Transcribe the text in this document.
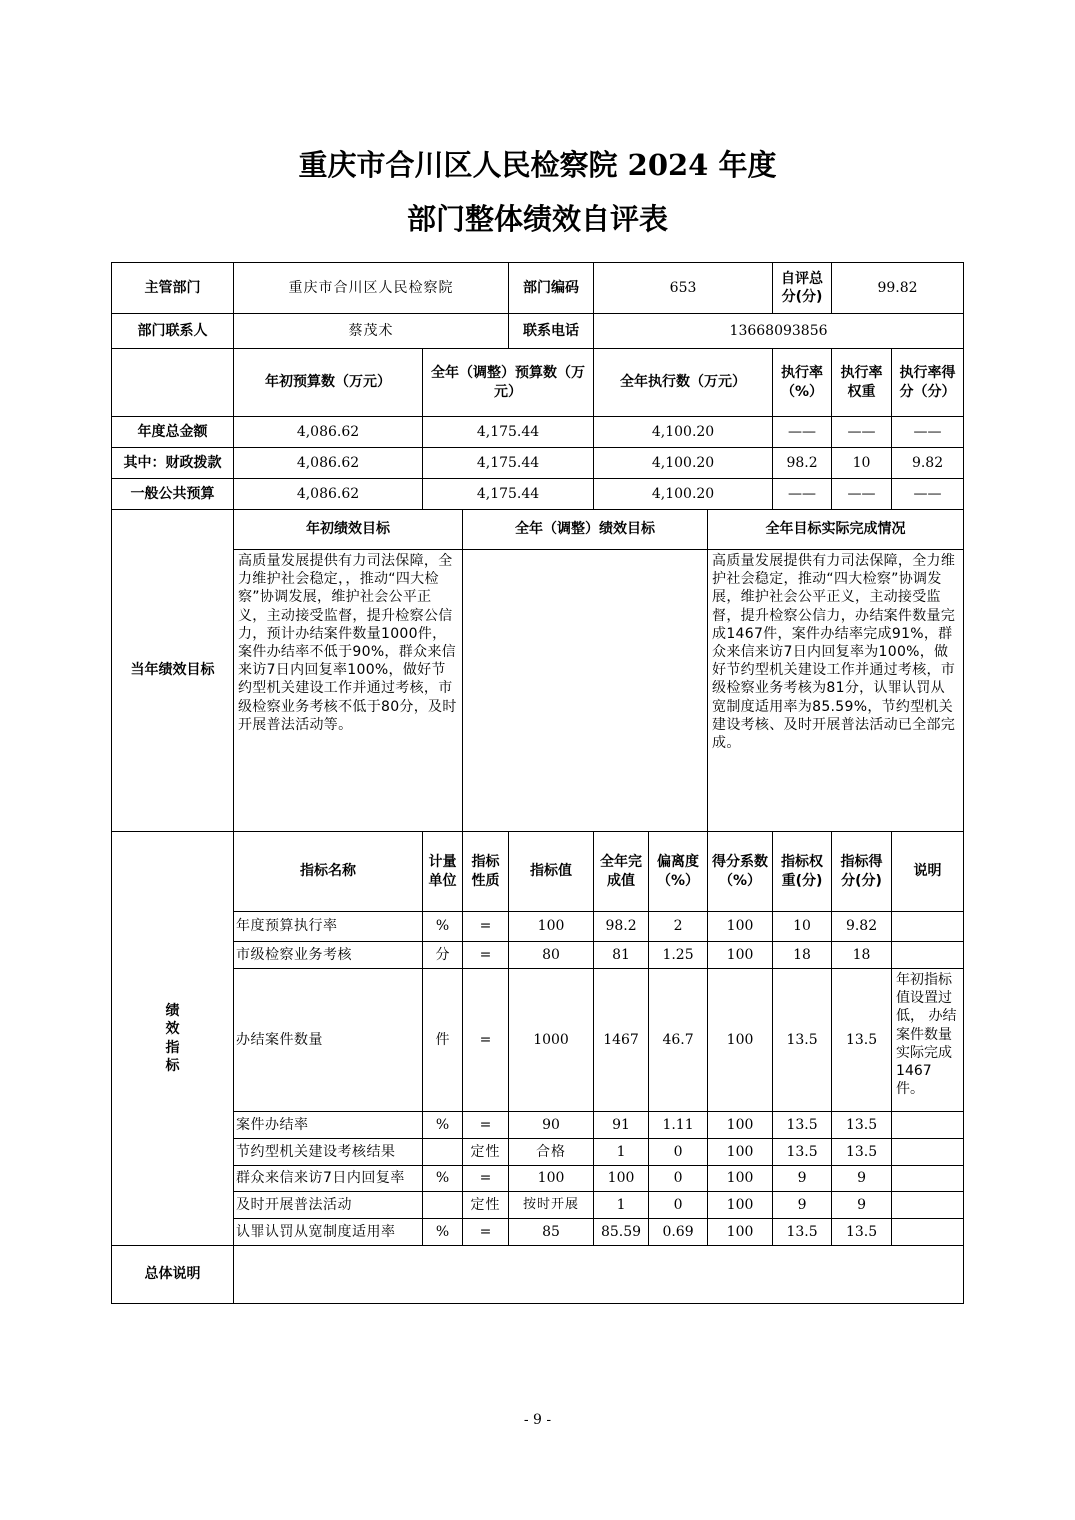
重庆市合川区人民检察院 2024 年度
部门整体绩效自评表
主管部门	重庆市合川区人民检察院			部门编码	653			自评总分(分)	99.82	
部门联系人	蔡茂术			联系电话	13668093856					
	年初预算数（万元）	全年（调整）预算数（万元）			全年执行数（万元）			执行率（%）	执行率权重	执行率得分（分）
年度总金额	4,086.62	4,175.44			4,100.20			——	——	——
其中：财政拨款	4,086.62	4,175.44			4,100.20			98.2	10	9.82
一般公共预算	4,086.62	4,175.44			4,100.20			——	——	——
当年绩效目标	年初绩效目标		全年（调整）绩效目标				全年目标实际完成情况			
	高质量发展提供有力司法保障，全力维护社会稳定，，推动“四大检察”协调发展，维护社会公平正义，主动接受监督，提升检察公信力，预计办结案件数量1000件，案件办结率不低于90%，群众来信来访7日内回复率100%，做好节约型机关建设工作并通过考核，市级检察业务考核不低于80分，及时开展普法活动等。						高质量发展提供有力司法保障，全力维护社会稳定，推动“四大检察”协调发展，维护社会公平正义，主动接受监督，提升检察公信力，办结案件数量完成1467件，案件办结率完成91%，群众来信来访7日内回复率为100%，做好节约型机关建设工作并通过考核，市级检察业务考核为81分，认罪认罚从宽制度适用率为85.59%，节约型机关建设考核、及时开展普法活动已全部完成。			

绩效指标	指标名称	计量单位	指标性质	指标值	全年完成值	偏离度（%）	得分系数（%）	指标权重(分)	指标得分(分)	说明
	年度预算执行率	%	=	100	98.2	2	100	10	9.82	
	市级检察业务考核	分	=	80	81	1.25	100	18	18	
	办结案件数量	件	=	1000	1467	46.7	100	13.5	13.5	年初指标值设置过低， 办结案件数量实际完成1467件。
	案件办结率	%	=	90	91	1.11	100	13.5	13.5	
	节约型机关建设考核结果		定性	合格	1	0	100	13.5	13.5	
	群众来信来访7日内回复率	%	=	100	100	0	100	9	9	
	及时开展普法活动		定性	按时开展	1	0	100	9	9	
	认罪认罚从宽制度适用率	%	=	85	85.59	0.69	100	13.5	13.5	
总体说明										
- 9 -
